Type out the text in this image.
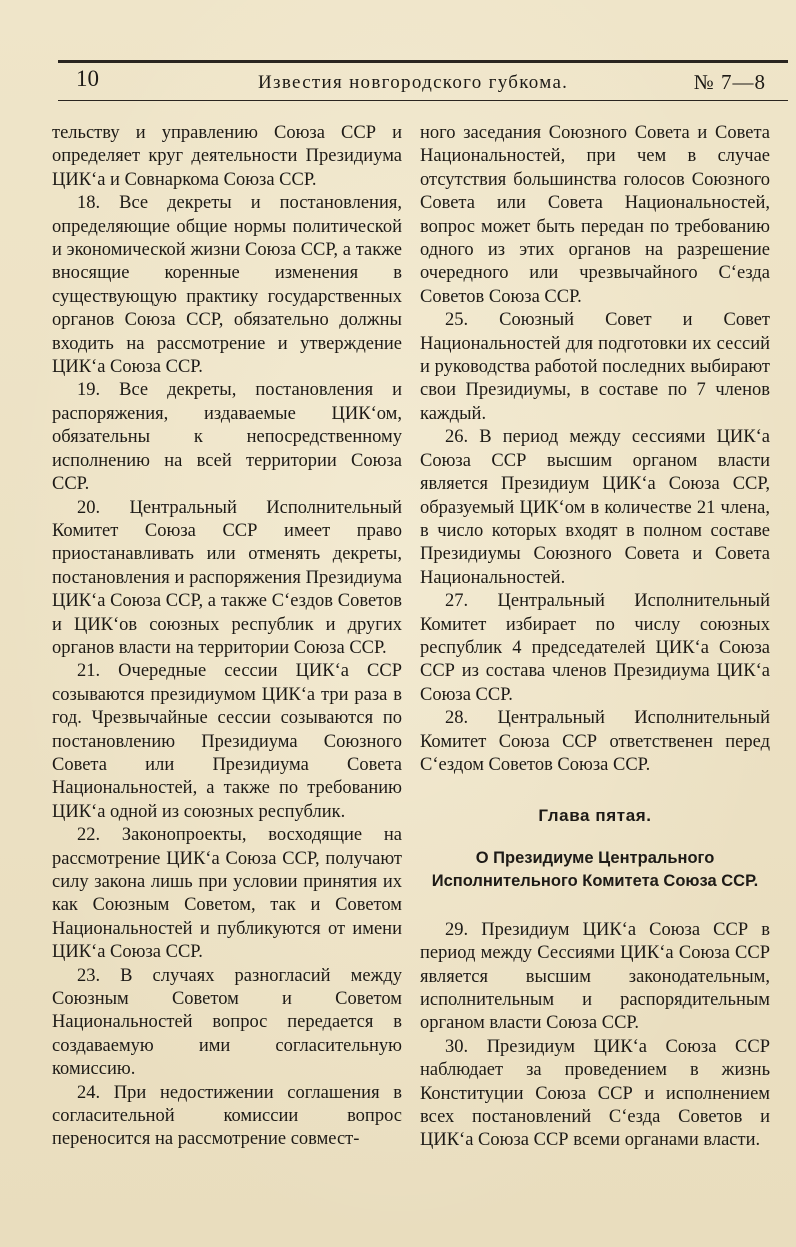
10	Известия новгородского губкома.	№ 7—8

тельству и управлению Союза ССР и определяет круг деятельности Президиума ЦИК‘а и Совнаркома Союза ССР.

18. Все декреты и постановления, определяющие общие нормы политической и экономической жизни Союза ССР, а также вносящие коренные изменения в существующую практику государственных органов Союза ССР, обязательно должны входить на рассмотрение и утверждение ЦИК‘а Союза ССР.

19. Все декреты, постановления и распоряжения, издаваемые ЦИК‘ом, обязательны к непосредственному исполнению на всей территории Союза ССР.

20. Центральный Исполнительный Комитет Союза ССР имеет право приостанавливать или отменять декреты, постановления и распоряжения Президиума ЦИК‘а Союза ССР, а также С‘ездов Советов и ЦИК‘ов союзных республик и других органов власти на территории Союза ССР.

21. Очередные сессии ЦИК‘а ССР созываются президиумом ЦИК‘а три раза в год. Чрезвычайные сессии созываются по постановлению Президиума Союзного Совета или Президиума Совета Национальностей, а также по требованию ЦИК‘а одной из союзных республик.

22. Законопроекты, восходящие на рассмотрение ЦИК‘а Союза ССР, получают силу закона лишь при условии принятия их как Союзным Советом, так и Советом Национальностей и публикуются от имени ЦИК‘а Союза ССР.

23. В случаях разногласий между Союзным Советом и Советом Национальностей вопрос передается в создаваемую ими согласительную комиссию.

24. При недостижении соглашения в согласительной комиссии вопрос переносится на рассмотрение совмест-

ного заседания Союзного Совета и Совета Национальностей, при чем в случае отсутствия большинства голосов Союзного Совета или Совета Национальностей, вопрос может быть передан по требованию одного из этих органов на разрешение очередного или чрезвычайного С‘езда Советов Союза ССР.

25. Союзный Совет и Совет Национальностей для подготовки их сессий и руководства работой последних выбирают свои Президиумы, в составе по 7 членов каждый.

26. В период между сессиями ЦИК‘а Союза ССР высшим органом власти является Президиум ЦИК‘а Союза ССР, образуемый ЦИК‘ом в количестве 21 члена, в число которых входят в полном составе Президиумы Союзного Совета и Совета Национальностей.

27. Центральный Исполнительный Комитет избирает по числу союзных республик 4 председателей ЦИК‘а Союза ССР из состава членов Президиума ЦИК‘а Союза ССР.

28. Центральный Исполнительный Комитет Союза ССР ответственен перед С‘ездом Советов Союза ССР.

Глава пятая.
О Президиуме Центрального Исполнительного Комитета Союза ССР.

29. Президиум ЦИК‘а Союза ССР в период между Сессиями ЦИК‘а Союза ССР является высшим законодательным, исполнительным и распорядительным органом власти Союза ССР.

30. Президиум ЦИК‘а Союза ССР наблюдает за проведением в жизнь Конституции Союза ССР и исполнением всех постановлений С‘езда Советов и ЦИК‘а Союза ССР всеми органами власти.
